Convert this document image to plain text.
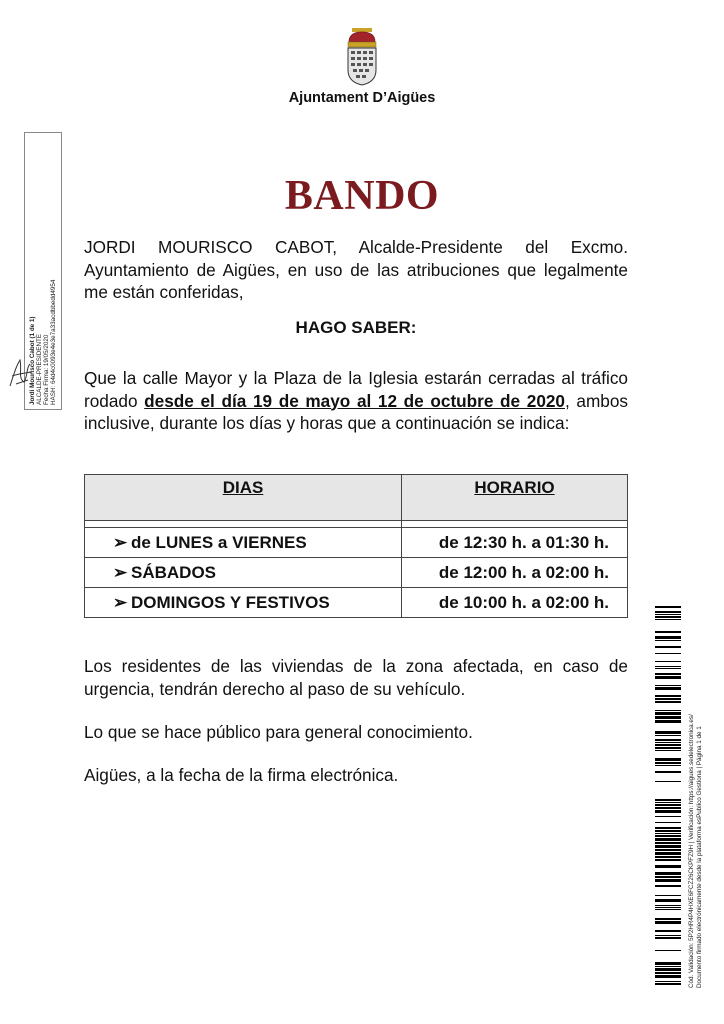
Ajuntament D’Aigües
BANDO
JORDI MOURISCO CABOT, Alcalde-Presidente del Excmo. Ayuntamiento de Aigües, en uso de las atribuciones que legalmente me están conferidas,
HAGO SABER:
Que la calle Mayor y la Plaza de la Iglesia estarán cerradas al tráfico rodado desde el día 19 de mayo al 12 de octubre de 2020, ambos inclusive, durante los días y horas que a continuación se indica:
DIAS	HORARIO

➢ de LUNES a VIERNES	de 12:30 h. a 01:30 h.
➢ SÁBADOS	de 12:00 h. a 02:00 h.
➢ DOMINGOS Y FESTIVOS	de 10:00 h. a 02:00 h.
Los residentes de las viviendas de la zona afectada, en caso de urgencia, tendrán derecho al paso de su vehículo.
Lo que se hace público para general conocimiento.
Aigües, a la fecha de la firma electrónica.
Jordi Mourisco Cabot (1 de 1) ALCALDE-PRESIDENTE Fecha Firma: 19/05/2020 HASH: 64d4c0093e4e3e7a33acdbbedd4954
Cód. Validación: 5P2HR4P4HXE6FCZ26CKPFZ9H | Verificación: https://aigues.sedelectronica.es/ Documento firmado electrónicamente desde la plataforma esPublico Gestiona | Página 1 de 1
